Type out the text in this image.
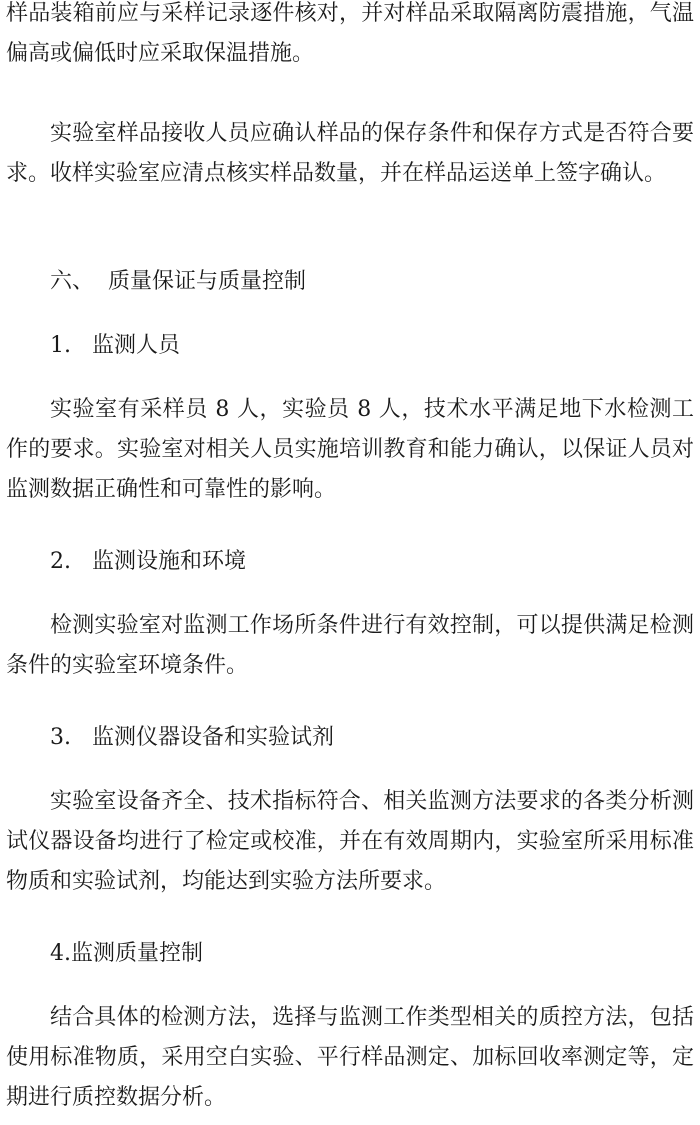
样品装箱前应与采样记录逐件核对，并对样品采取隔离防震措施，气温偏高或偏低时应采取保温措施。

实验室样品接收人员应确认样品的保存条件和保存方式是否符合要求。收样实验室应清点核实样品数量，并在样品运送单上签字确认。

六、  质量保证与质量控制

1.   监测人员

实验室有采样员 8 人，实验员 8 人，技术水平满足地下水检测工作的要求。实验室对相关人员实施培训教育和能力确认，以保证人员对监测数据正确性和可靠性的影响。

2.   监测设施和环境

检测实验室对监测工作场所条件进行有效控制，可以提供满足检测条件的实验室环境条件。

3.   监测仪器设备和实验试剂

实验室设备齐全、技术指标符合、相关监测方法要求的各类分析测试仪器设备均进行了检定或校准，并在有效周期内，实验室所采用标准物质和实验试剂，均能达到实验方法所要求。

4.监测质量控制

结合具体的检测方法，选择与监测工作类型相关的质控方法，包括使用标准物质，采用空白实验、平行样品测定、加标回收率测定等，定期进行质控数据分析。
